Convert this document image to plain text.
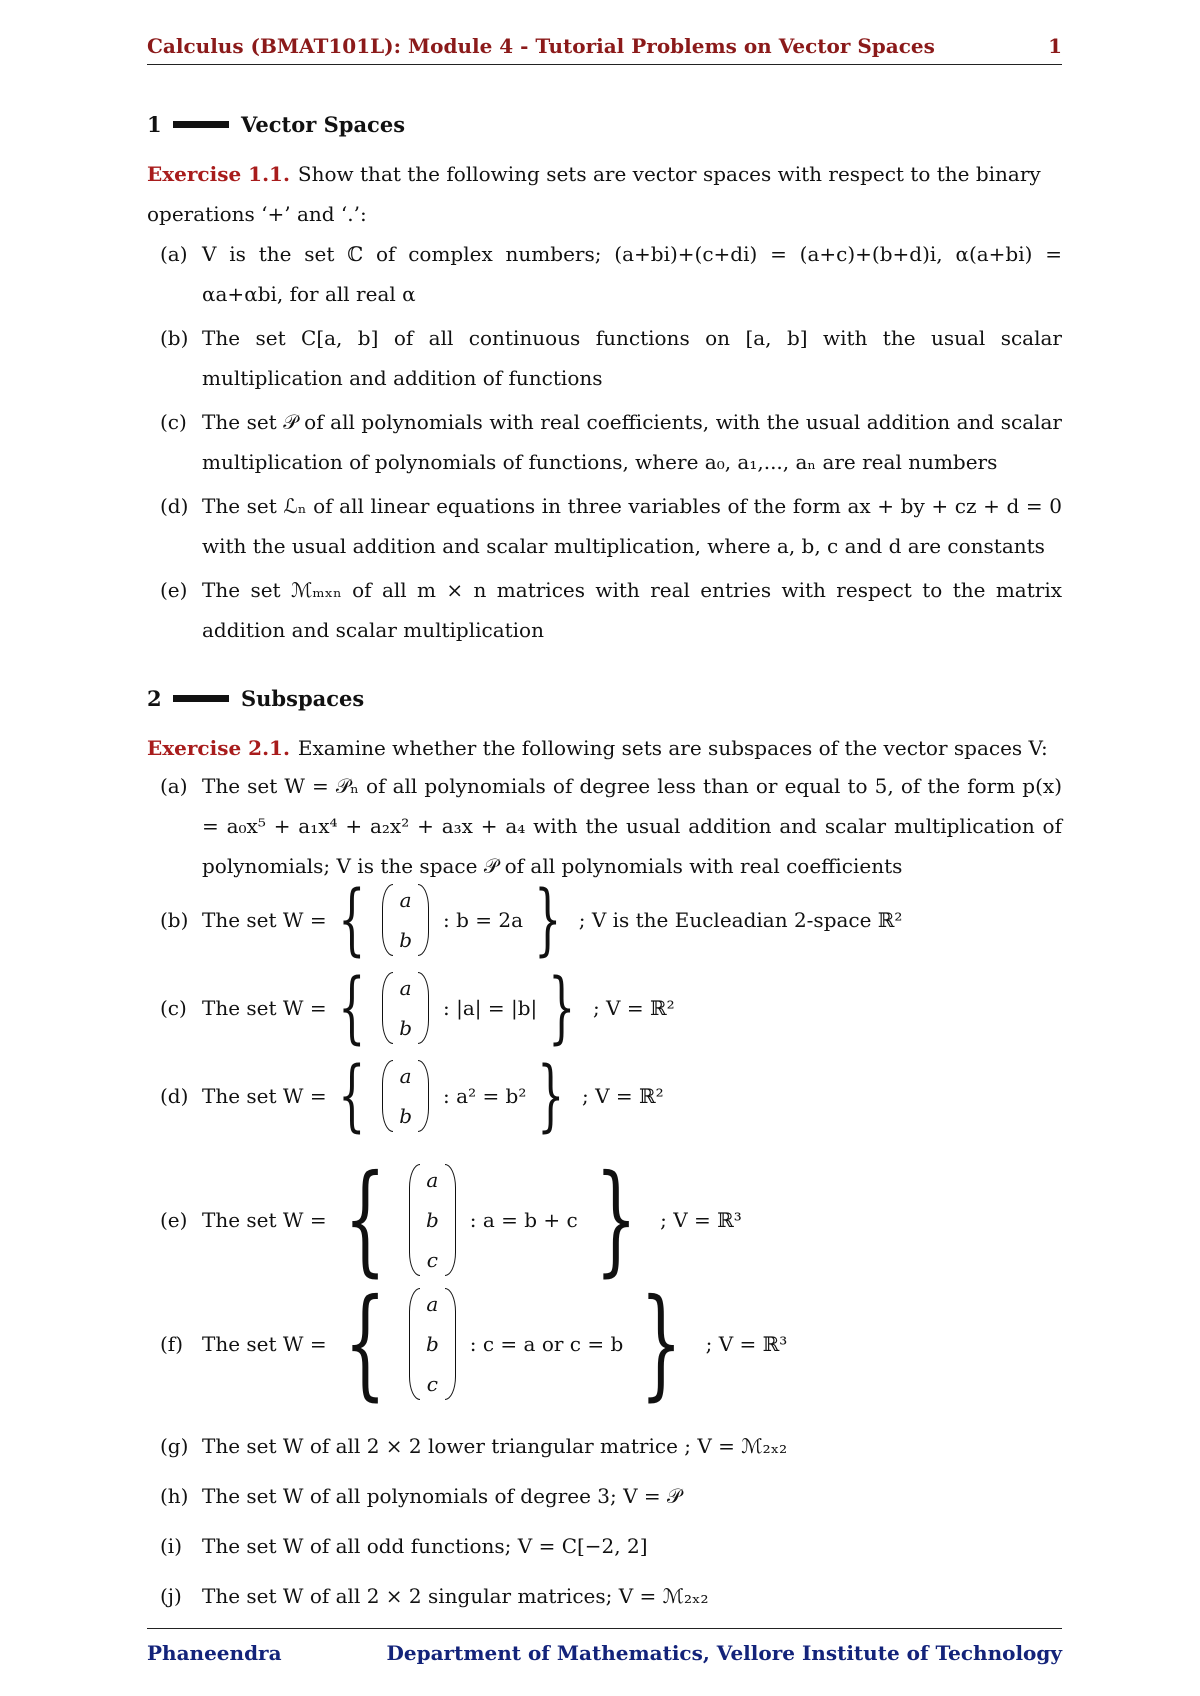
Calculus (BMAT101L): Module 4 - Tutorial Problems on Vector Spaces	1
1	Vector Spaces
Exercise 1.1. Show that the following sets are vector spaces with respect to the binary operations ‘+’ and ‘.’:
(a) V is the set ℂ of complex numbers; (a+bi)+(c+di) = (a+c)+(b+d)i, α(a+bi) = αa+αbi, for all real α
(b) The set C[a, b] of all continuous functions on [a, b] with the usual scalar multiplication and addition of functions
(c) The set 𝒫 of all polynomials with real coefficients, with the usual addition and scalar multiplication of polynomials of functions, where a₀, a₁,..., aₙ are real numbers
(d) The set ℒₙ of all linear equations in three variables of the form ax + by + cz + d = 0 with the usual addition and scalar multiplication, where a, b, c and d are constants
(e) The set ℳₘₓₙ of all m × n matrices with real entries with respect to the matrix addition and scalar multiplication
2	Subspaces
Exercise 2.1. Examine whether the following sets are subspaces of the vector spaces V:
(a) The set W = 𝒫ₙ of all polynomials of degree less than or equal to 5, of the form p(x) = a₀x⁵ + a₁x⁴ + a₂x² + a₃x + a₄ with the usual addition and scalar multiplication of polynomials; V is the space 𝒫 of all polynomials with real coefficients
(b) The set W = { a
b
: b = 2a } ; V is the Eucleadian 2-space ℝ²
(c) The set W = { a
b
: |a| = |b| } ; V = ℝ²
(d) The set W = { a
b
: a² = b² } ; V = ℝ²
(e) The set W = { a
b
c
: a = b + c } ; V = ℝ³
(f) The set W = { a
b
c
: c = a or c = b } ; V = ℝ³
(g) The set W of all 2 × 2 lower triangular matrice ; V = ℳ₂ₓ₂
(h) The set W of all polynomials of degree 3; V = 𝒫
(i) The set W of all odd functions; V = C[−2, 2]
(j)	The set W of all 2 × 2 singular matrices; V = ℳ₂ₓ₂
Phaneendra	Department of Mathematics, Vellore Institute of Technology
